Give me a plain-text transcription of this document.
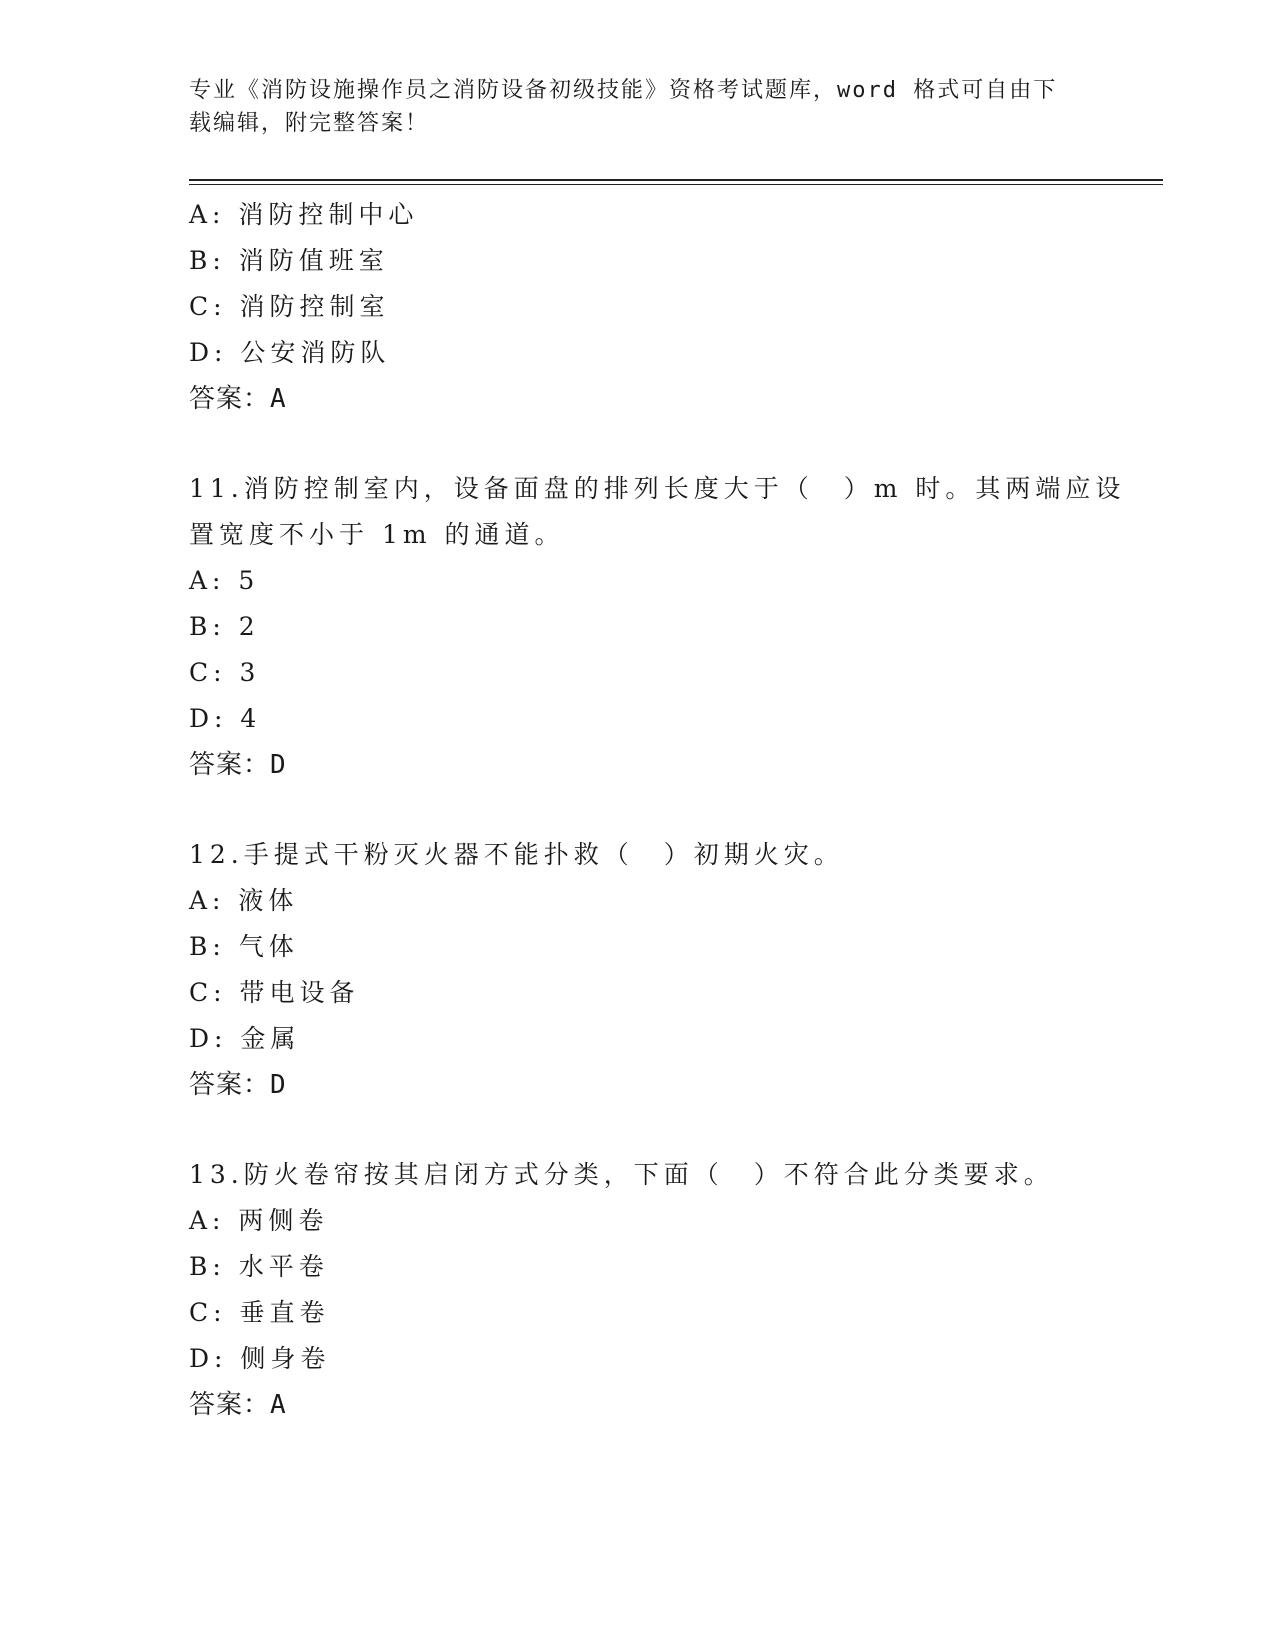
专业《消防设施操作员之消防设备初级技能》资格考试题库，word 格式可自由下
载编辑，附完整答案！
A: 消防控制中心
B: 消防值班室
C: 消防控制室
D: 公安消防队
答案：A
11.消防控制室内，设备面盘的排列长度大于（　）m 时。其两端应设
置宽度不小于 1m 的通道。
A: 5
B: 2
C: 3
D: 4
答案：D
12.手提式干粉灭火器不能扑救（　）初期火灾。
A: 液体
B: 气体
C: 带电设备
D: 金属
答案：D
13.防火卷帘按其启闭方式分类，下面（　）不符合此分类要求。
A: 两侧卷
B: 水平卷
C: 垂直卷
D: 侧身卷
答案：A
